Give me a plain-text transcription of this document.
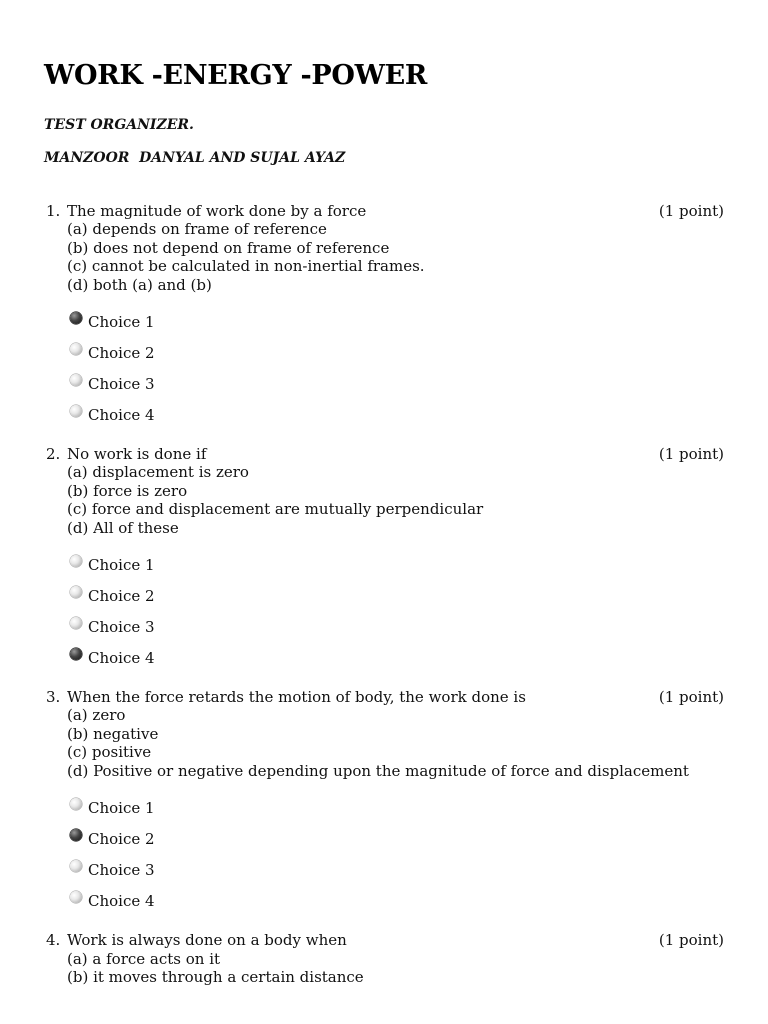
WORK -ENERGY -POWER

TEST ORGANIZER.

MANZOOR  DANYAL AND SUJAL AYAZ

1.	(1 point)
The magnitude of work done by a force
(a) depends on frame of reference
(b) does not depend on frame of reference
(c) cannot be calculated in non-inertial frames.
(d) both (a) and (b)
Choice 1
Choice 2
Choice 3
Choice 4
2.	(1 point)
No work is done if
(a) displacement is zero
(b) force is zero
(c) force and displacement are mutually perpendicular
(d) All of these
Choice 1
Choice 2
Choice 3
Choice 4
3.	(1 point)
When the force retards the motion of body, the work done is
(a) zero
(b) negative
(c) positive
(d) Positive or negative depending upon the magnitude of force and displacement
Choice 1
Choice 2
Choice 3
Choice 4
4.	(1 point)
Work is always done on a body when
(a) a force acts on it
(b) it moves through a certain distance
